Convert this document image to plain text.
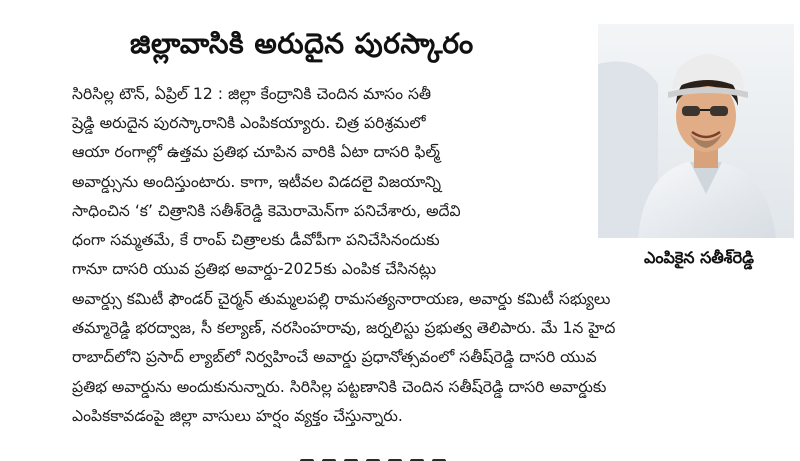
జిల్లావాసికి అరుదైన పురస్కారం
సిరిసిల్ల టౌన్, ఏప్రిల్ 12 : జిల్లా కేంద్రానికి చెందిన మాసం సతీ
ష్రెడ్డి అరుదైన పురస్కారానికి ఎంపికయ్యారు. చిత్ర పరిశ్రమలో
ఆయా రంగాల్లో ఉత్తమ ప్రతిభ చూపిన వారికి ఏటా దాసరి ఫిల్మ్
అవార్డ్సును అందిస్తుంటారు. కాగా, ఇటీవల విడదలై విజయాన్ని
సాధించిన ‘క’ చిత్రానికి సతీశ్‌రెడ్డి కెమెరామెన్‌గా పనిచేశారు, అదేవి
ధంగా సమ్మతమే, కే రాంప్ చిత్రాలకు డీవోపీగా పనిచేసినందుకు
గానూ దాసరి యువ ప్రతిభ అవార్డు-2025కు ఎంపిక చేసినట్లు
ఎంపికైన సతీశ్‌రెడ్డి
అవార్డ్సు కమిటీ ఫౌండర్ చైర్మన్ తుమ్మలపల్లి రామసత్యనారాయణ, అవార్డు కమిటీ సభ్యులు
తమ్మారెడ్డి భరద్వాజ, సీ కల్యాణ్, నరసింహరావు, జర్నలిస్టు ప్రభుత్వ తెలిపారు. మే 1న హైద
రాబాద్‌లోని ప్రసాద్ ల్యాబ్‌లో నిర్వహించే అవార్డు ప్రధానోత్సవంలో సతీష్‌రెడ్డి దాసరి యువ
ప్రతిభ అవార్డును అందుకునున్నారు. సిరిసిల్ల పట్టణానికి చెందిన సతీష్‌రెడ్డి దాసరి అవార్డుకు
ఎంపికకావడంపై జిల్లా వాసులు హర్షం వ్యక్తం చేస్తున్నారు.
